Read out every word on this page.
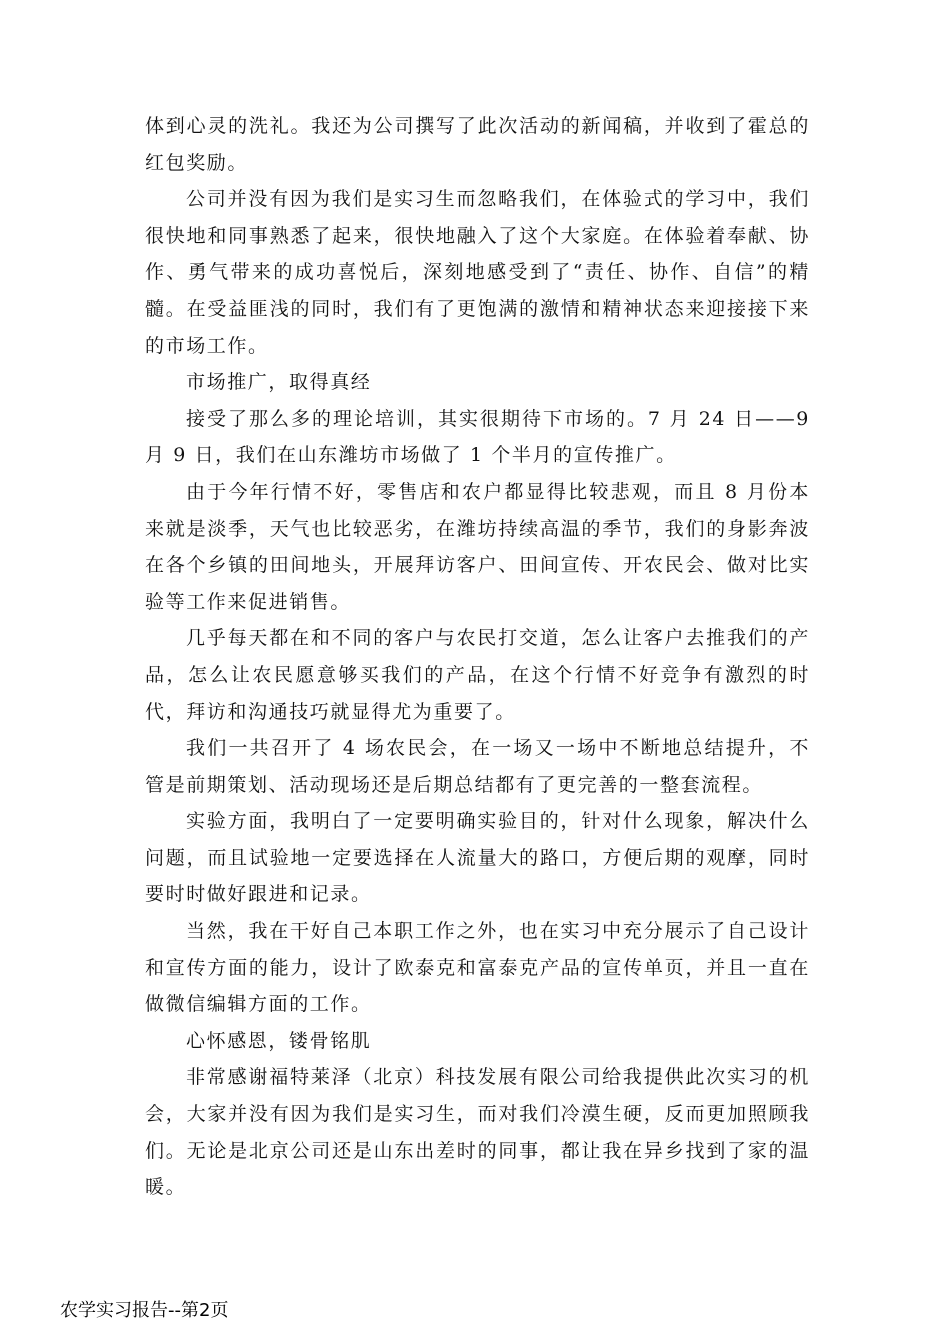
体到心灵的洗礼。我还为公司撰写了此次活动的新闻稿，并收到了霍总的红包奖励。

公司并没有因为我们是实习生而忽略我们，在体验式的学习中，我们很快地和同事熟悉了起来，很快地融入了这个大家庭。在体验着奉献、协作、勇气带来的成功喜悦后，深刻地感受到了“责任、协作、自信”的精髓。在受益匪浅的同时，我们有了更饱满的激情和精神状态来迎接接下来的市场工作。

市场推广，取得真经

接受了那么多的理论培训，其实很期待下市场的。7 月 24 日——9 月 9 日，我们在山东潍坊市场做了 1 个半月的宣传推广。

由于今年行情不好，零售店和农户都显得比较悲观，而且 8 月份本来就是淡季，天气也比较恶劣，在潍坊持续高温的季节，我们的身影奔波在各个乡镇的田间地头，开展拜访客户、田间宣传、开农民会、做对比实验等工作来促进销售。

几乎每天都在和不同的客户与农民打交道，怎么让客户去推我们的产品，怎么让农民愿意够买我们的产品，在这个行情不好竞争有激烈的时代，拜访和沟通技巧就显得尤为重要了。

我们一共召开了 4 场农民会，在一场又一场中不断地总结提升，不管是前期策划、活动现场还是后期总结都有了更完善的一整套流程。

实验方面，我明白了一定要明确实验目的，针对什么现象，解决什么问题，而且试验地一定要选择在人流量大的路口，方便后期的观摩，同时要时时做好跟进和记录。

当然，我在干好自己本职工作之外，也在实习中充分展示了自己设计和宣传方面的能力，设计了欧泰克和富泰克产品的宣传单页，并且一直在做微信编辑方面的工作。

心怀感恩，镂骨铭肌

非常感谢福特莱泽（北京）科技发展有限公司给我提供此次实习的机会，大家并没有因为我们是实习生，而对我们冷漠生硬，反而更加照顾我们。无论是北京公司还是山东出差时的同事，都让我在异乡找到了家的温暖。

农学实习报告--第2页
